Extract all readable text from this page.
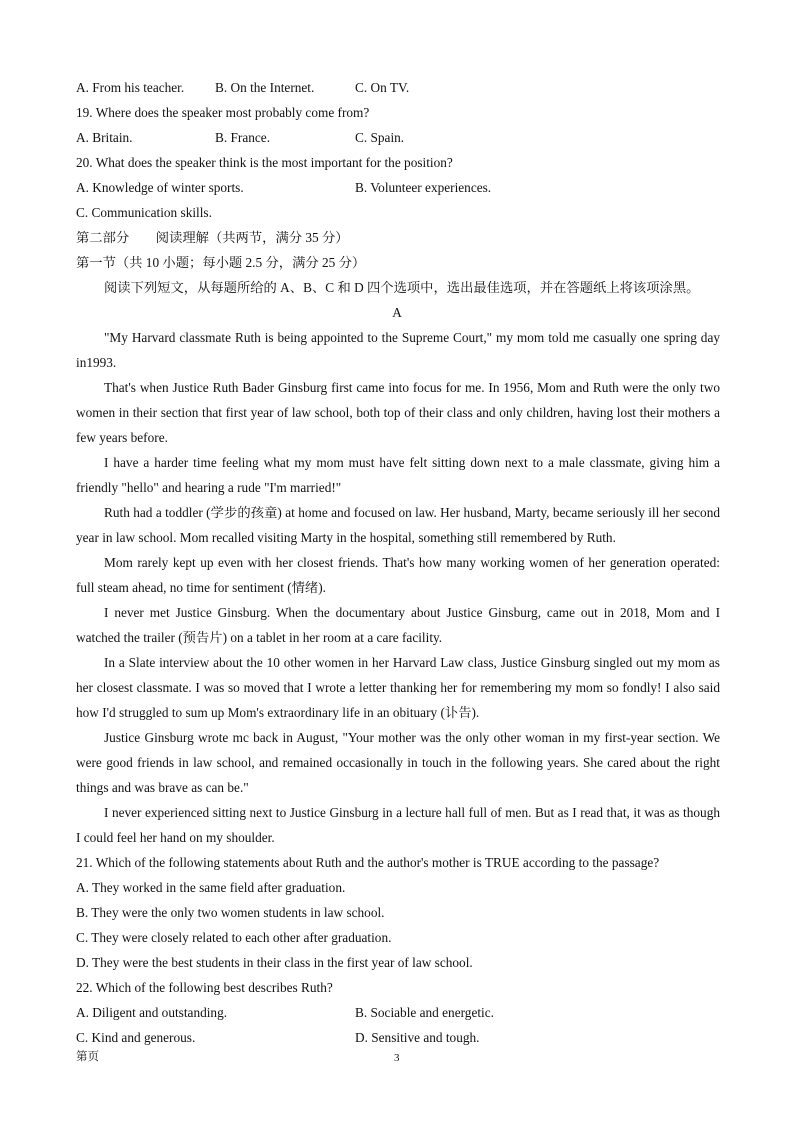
A. From his teacher. B. On the Internet.	C. On TV.
19. Where does the speaker most probably come from?
A. Britain.	B. France.	C. Spain.
20. What does the speaker think is the most important for the position?
A. Knowledge of winter sports.	B. Volunteer experiences.
C. Communication skills.
第二部分　　阅读理解（共两节，满分 35 分）
第一节（共 10 小题；每小题 2.5 分，满分 25 分）
阅读下列短文，从每题所给的 A、B、C 和 D 四个选项中，选出最佳选项，并在答题纸上将该项涂黑。
A
"My Harvard classmate Ruth is being appointed to the Supreme Court," my mom told me casually one spring day in1993.
That's when Justice Ruth Bader Ginsburg first came into focus for me. In 1956, Mom and Ruth were the only two women in their section that first year of law school, both top of their class and only children, having lost their mothers a few years before.
I have a harder time feeling what my mom must have felt sitting down next to a male classmate, giving him a friendly "hello" and hearing a rude "I'm married!"
Ruth had a toddler (学步的孩童) at home and focused on law. Her husband, Marty, became seriously ill her second year in law school. Mom recalled visiting Marty in the hospital, something still remembered by Ruth.
Mom rarely kept up even with her closest friends. That's how many working women of her generation operated: full steam ahead, no time for sentiment (情绪).
I never met Justice Ginsburg. When the documentary about Justice Ginsburg, came out in 2018, Mom and I watched the trailer (预告片) on a tablet in her room at a care facility.
In a Slate interview about the 10 other women in her Harvard Law class, Justice Ginsburg singled out my mom as her closest classmate. I was so moved that I wrote a letter thanking her for remembering my mom so fondly! I also said how I'd struggled to sum up Mom's extraordinary life in an obituary (讣告).
Justice Ginsburg wrote mc back in August, "Your mother was the only other woman in my first-year section. We were good friends in law school, and remained occasionally in touch in the following years. She cared about the right things and was brave as can be."
I never experienced sitting next to Justice Ginsburg in a lecture hall full of men. But as I read that, it was as though I could feel her hand on my shoulder.
21. Which of the following statements about Ruth and the author's mother is TRUE according to the passage?
A. They worked in the same field after graduation.
B. They were the only two women students in law school.
C. They were closely related to each other after graduation.
D. They were the best students in their class in the first year of law school.
22. Which of the following best describes Ruth?
A. Diligent and outstanding.	B. Sociable and energetic.
C. Kind and generous.	D. Sensitive and tough.
第页	3
